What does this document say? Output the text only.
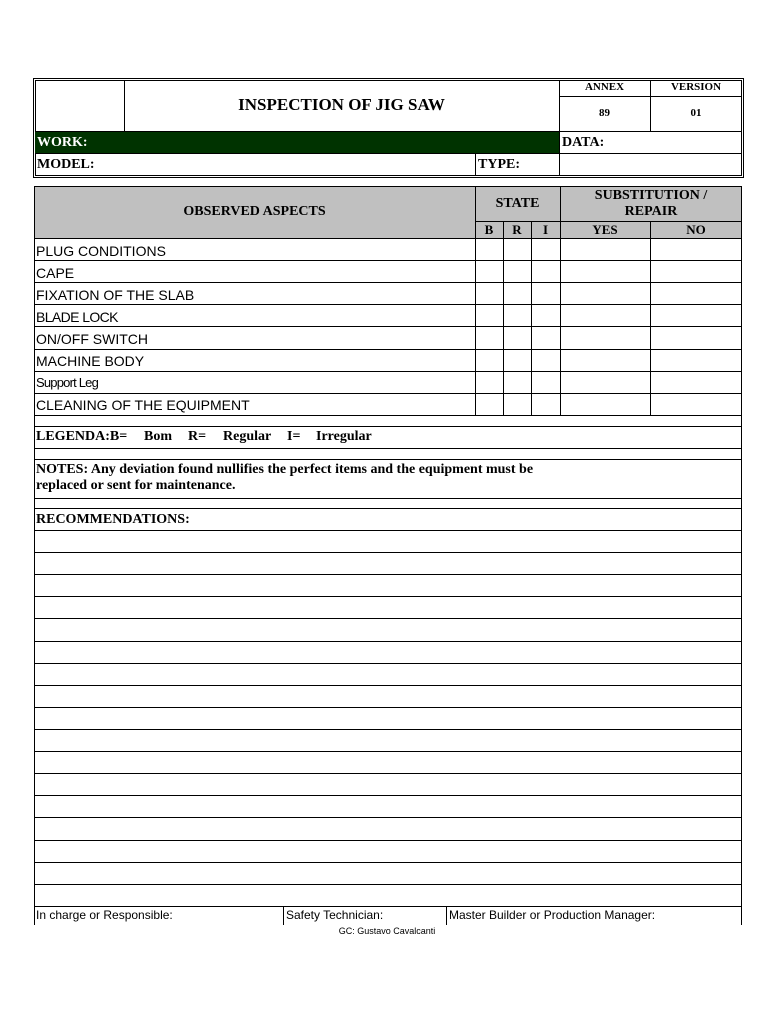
INSPECTION OF JIG SAW
ANNEX	VERSION
89	01
WORK:	DATA:
MODEL:	TYPE:
OBSERVED ASPECTS
STATE
SUBSTITUTION /
REPAIR
B	R	I	YES	NO
PLUG CONDITIONS
CAPE
FIXATION OF THE SLAB
BLADE LOCK
ON/OFF SWITCH
MACHINE BODY
Support Leg
CLEANING OF THE EQUIPMENT
LEGENDA:B= Bom R= Regular I= Irregular
NOTES: Any deviation found nullifies the perfect items and the equipment must be
replaced or sent for maintenance.
RECOMMENDATIONS:
In charge or Responsible:	Safety Technician:	Master Builder or Production Manager:
GC: Gustavo Cavalcanti
